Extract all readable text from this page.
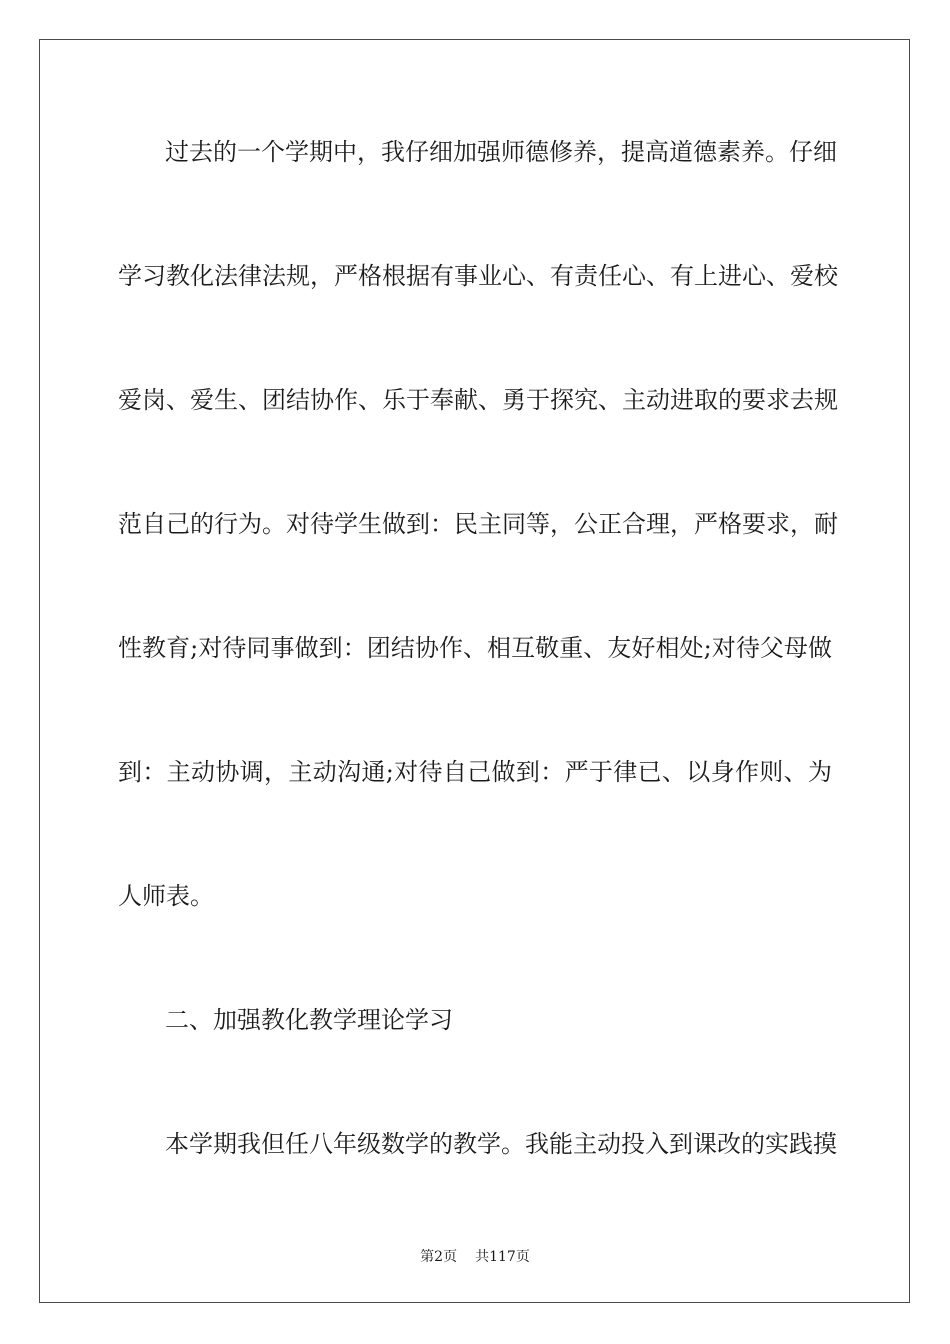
过去的一个学期中，我仔细加强师德修养，提高道德素养。仔细
学习教化法律法规，严格根据有事业心、有责任心、有上进心、爱校
爱岗、爱生、团结协作、乐于奉献、勇于探究、主动进取的要求去规
范自己的行为。对待学生做到：民主同等，公正合理，严格要求，耐
性教育;对待同事做到：团结协作、相互敬重、友好相处;对待父母做
到：主动协调，主动沟通;对待自己做到：严于律已、以身作则、为
人师表。
二、加强教化教学理论学习
本学期我但任八年级数学的教学。我能主动投入到课改的实践摸
第2页 共117页
